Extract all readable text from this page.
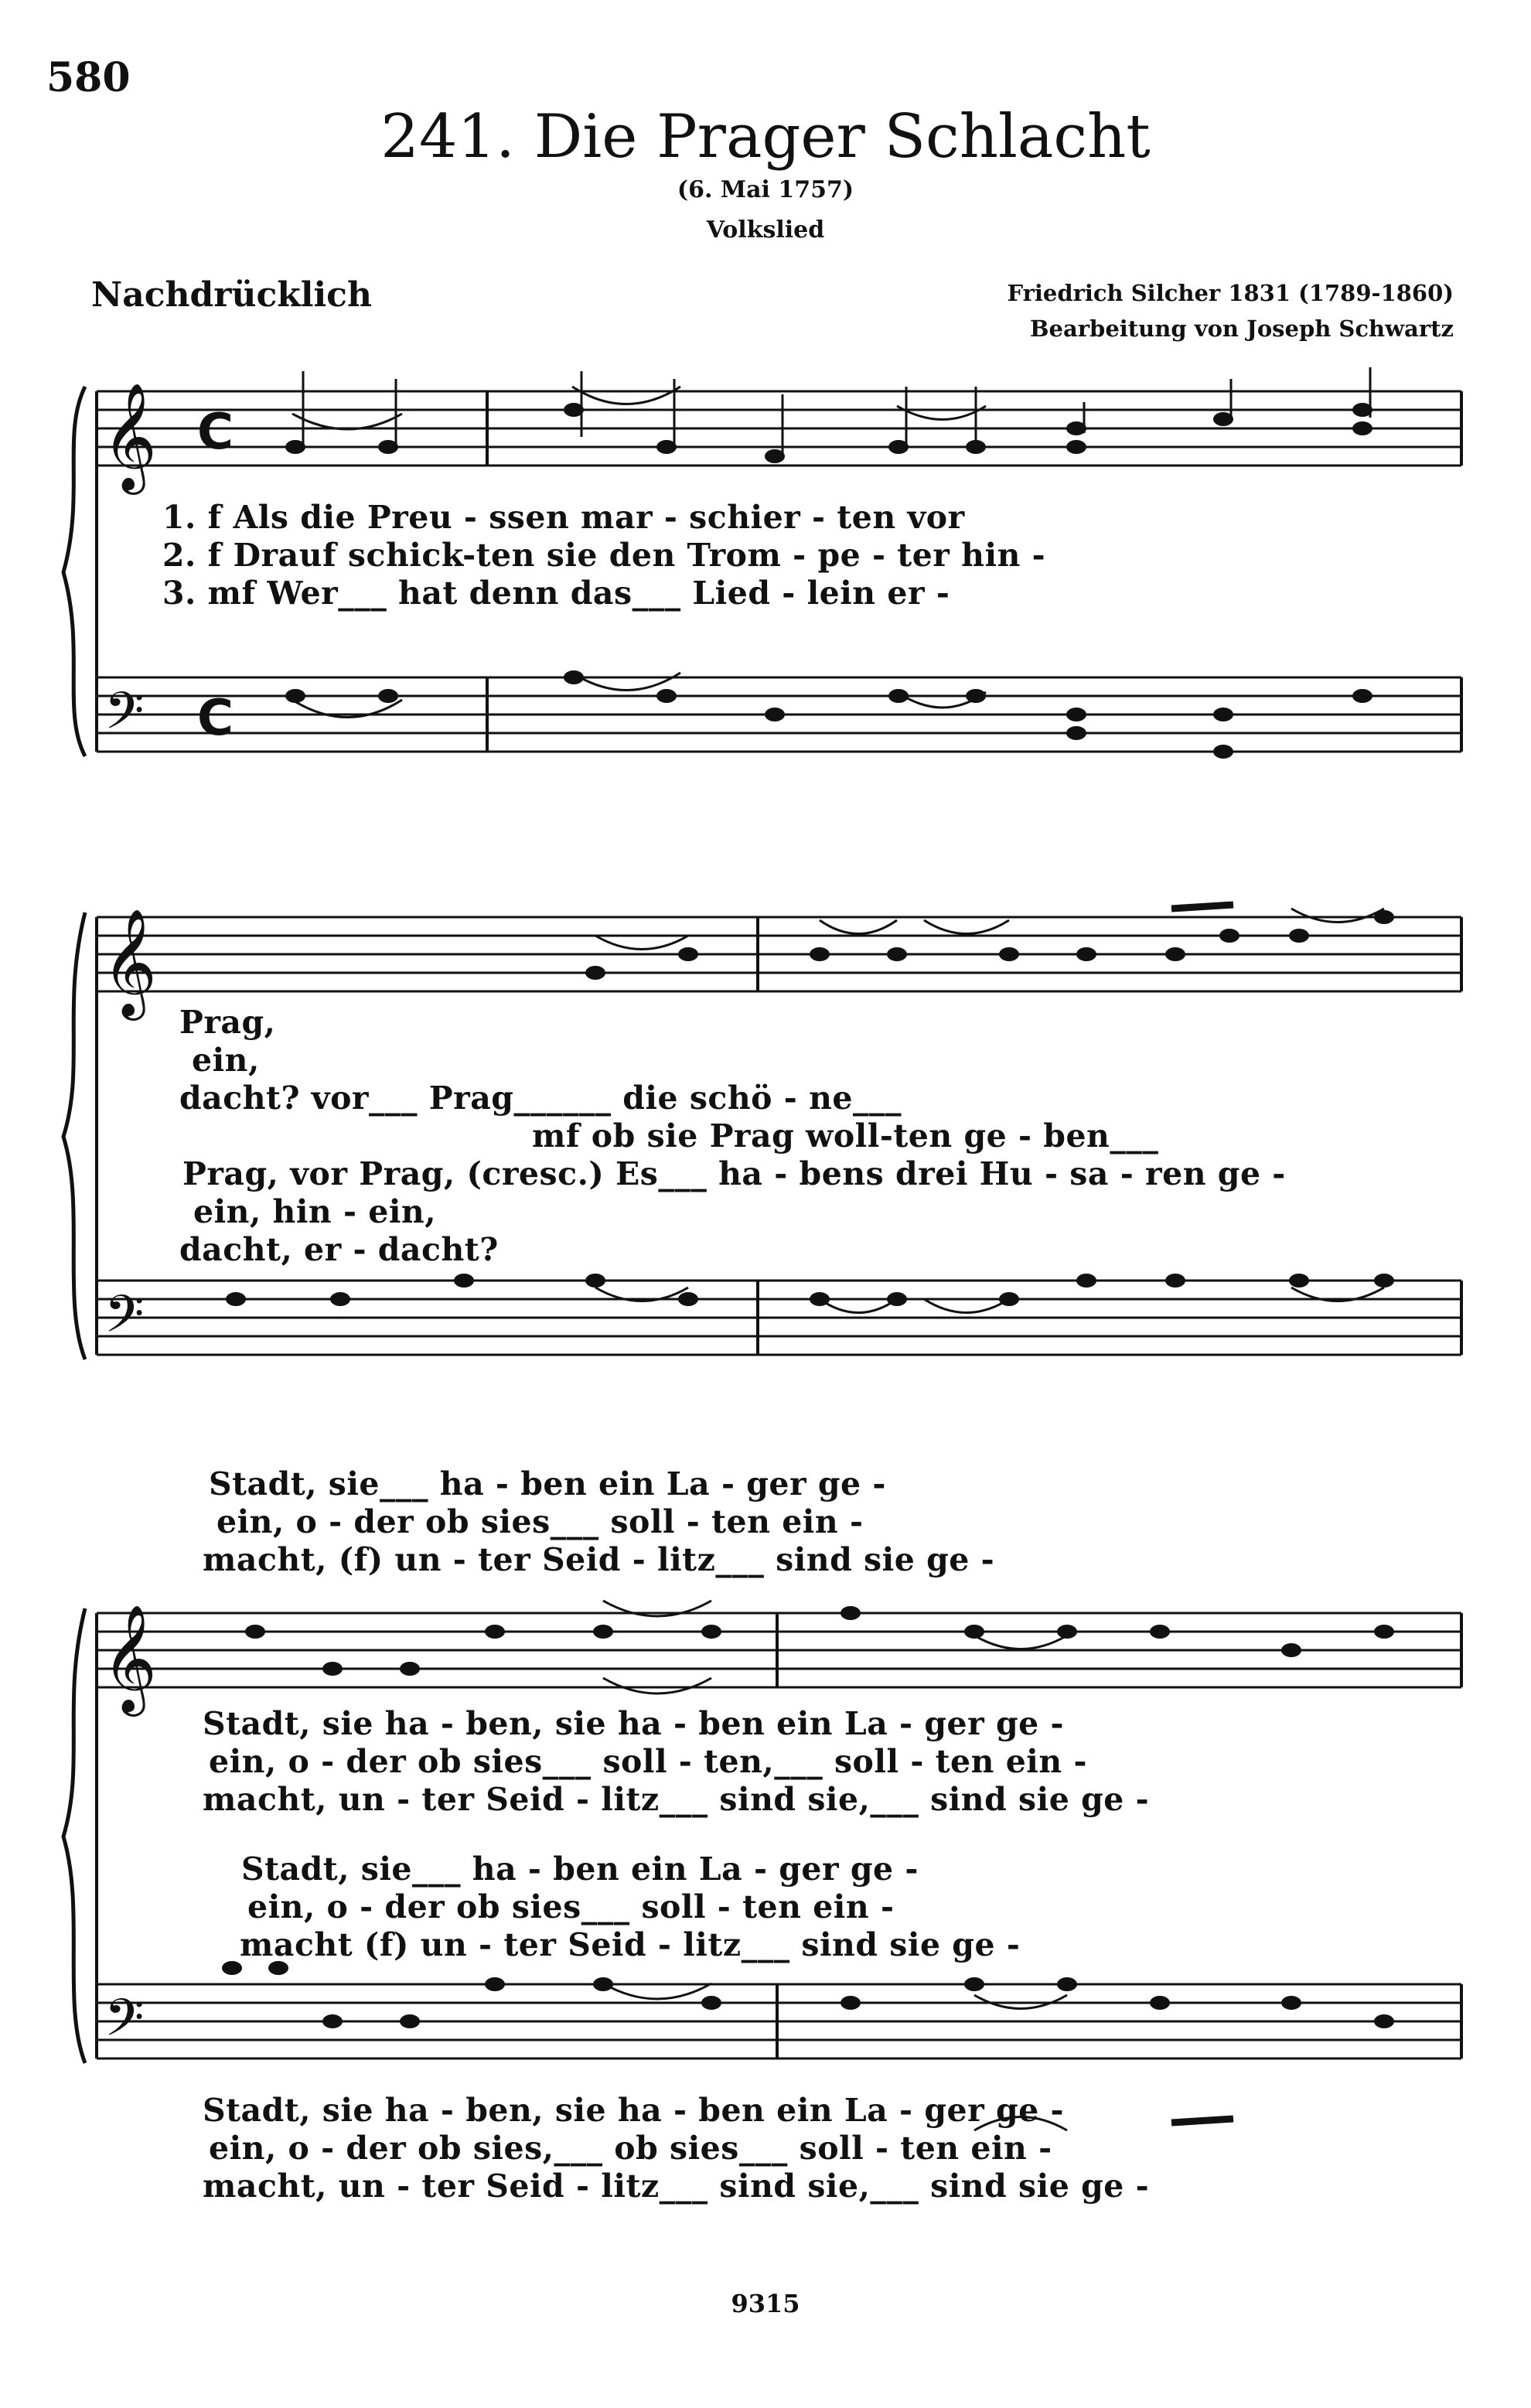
580
241. Die Prager Schlacht
(6. Mai 1757)
Volkslied
Nachdrücklich	Friedrich Silcher 1831 (1789-1860)
Bearbeitung von Joseph Schwartz
𝄞
𝄢
C
C
𝄞
𝄢
𝄞
𝄢
1. f Als die Preu - ssen mar - schier - ten vor
2. f Drauf schick-ten sie den Trom - pe - ter hin -
3. mf Wer___ hat denn das___ Lied - lein er -
Prag,
ein,
dacht? vor___ Prag______ die schö - ne___
mf ob sie Prag woll-ten ge - ben___
Prag, vor Prag, (cresc.) Es___ ha - bens drei Hu - sa - ren ge -
ein, hin - ein,
dacht, er - dacht?
Stadt, sie___ ha - ben ein La - ger ge -
ein, o - der ob sies___ soll - ten ein -
macht, (f) un - ter Seid - litz___ sind sie ge -
Stadt, sie ha - ben, sie ha - ben ein La - ger ge -
ein, o - der ob sies___ soll - ten,___ soll - ten ein -
macht, un - ter Seid - litz___ sind sie,___ sind sie ge -
Stadt, sie___ ha - ben ein La - ger ge -
ein, o - der ob sies___ soll - ten ein -
macht (f) un - ter Seid - litz___ sind sie ge -
Stadt, sie ha - ben, sie ha - ben ein La - ger ge -
ein, o - der ob sies,___ ob sies___ soll - ten ein -
macht, un - ter Seid - litz___ sind sie,___ sind sie ge -
9315
